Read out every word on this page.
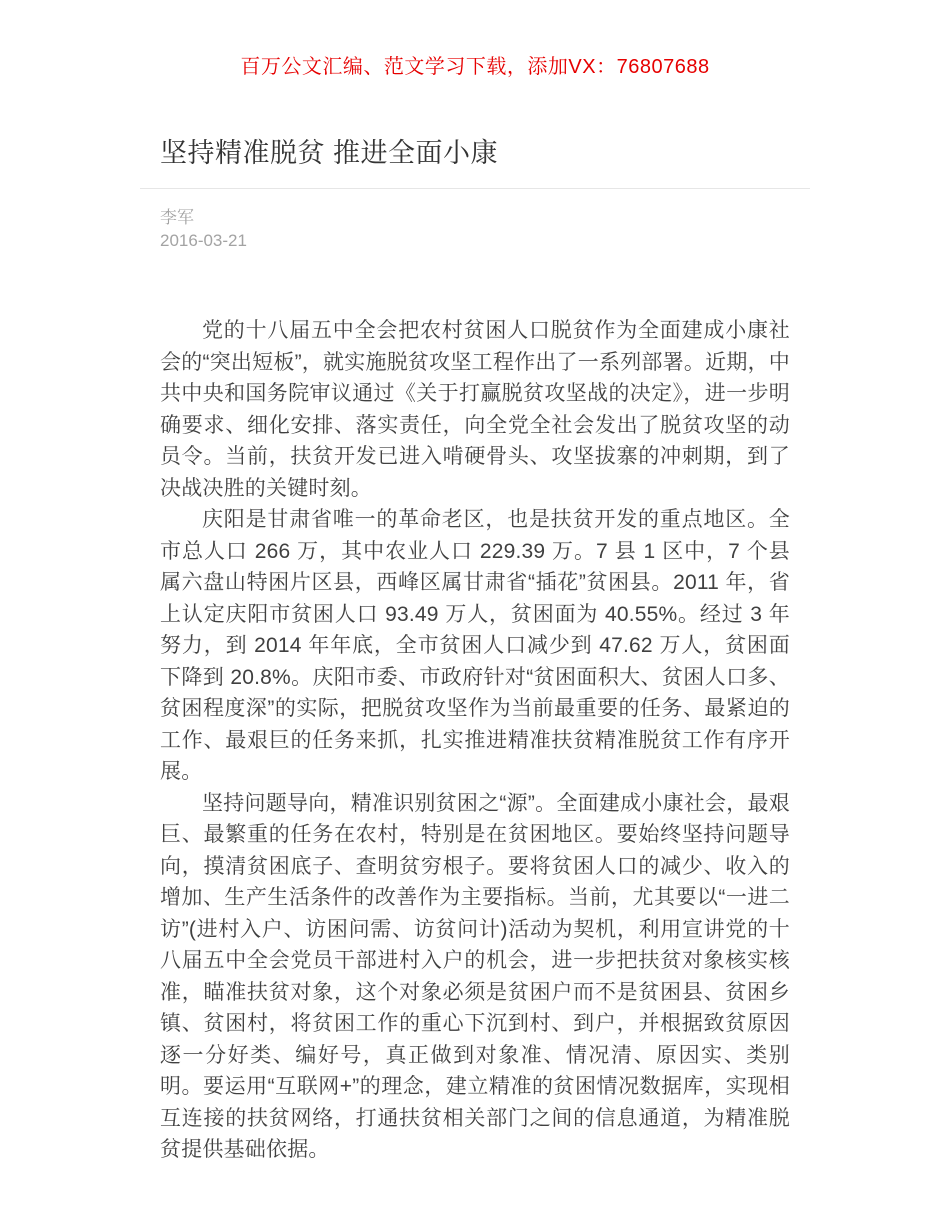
百万公文汇编、范文学习下载，添加VX：76807688
坚持精准脱贫 推进全面小康
李军
2016-03-21

党的十八届五中全会把农村贫困人口脱贫作为全面建成小康社会的“突出短板”，就实施脱贫攻坚工程作出了一系列部署。近期，中共中央和国务院审议通过《关于打赢脱贫攻坚战的决定》，进一步明确要求、细化安排、落实责任，向全党全社会发出了脱贫攻坚的动员令。当前，扶贫开发已进入啃硬骨头、攻坚拔寨的冲刺期，到了决战决胜的关键时刻。

庆阳是甘肃省唯一的革命老区，也是扶贫开发的重点地区。全市总人口 266 万，其中农业人口 229.39 万。7 县 1 区中，7 个县属六盘山特困片区县，西峰区属甘肃省“插花”贫困县。2011 年，省上认定庆阳市贫困人口 93.49 万人，贫困面为 40.55%。经过 3 年努力，到 2014 年年底，全市贫困人口减少到 47.62 万人，贫困面下降到 20.8%。庆阳市委、市政府针对“贫困面积大、贫困人口多、贫困程度深”的实际，把脱贫攻坚作为当前最重要的任务、最紧迫的工作、最艰巨的任务来抓，扎实推进精准扶贫精准脱贫工作有序开展。

坚持问题导向，精准识别贫困之“源”。全面建成小康社会，最艰巨、最繁重的任务在农村，特别是在贫困地区。要始终坚持问题导向，摸清贫困底子、查明贫穷根子。要将贫困人口的减少、收入的增加、生产生活条件的改善作为主要指标。当前，尤其要以“一进二访”(进村入户、访困问需、访贫问计)活动为契机，利用宣讲党的十八届五中全会党员干部进村入户的机会，进一步把扶贫对象核实核准，瞄准扶贫对象，这个对象必须是贫困户而不是贫困县、贫困乡镇、贫困村，将贫困工作的重心下沉到村、到户，并根据致贫原因逐一分好类、编好号，真正做到对象准、情况清、原因实、类别明。要运用“互联网+”的理念，建立精准的贫困情况数据库，实现相互连接的扶贫网络，打通扶贫相关部门之间的信息通道，为精准脱贫提供基础依据。
